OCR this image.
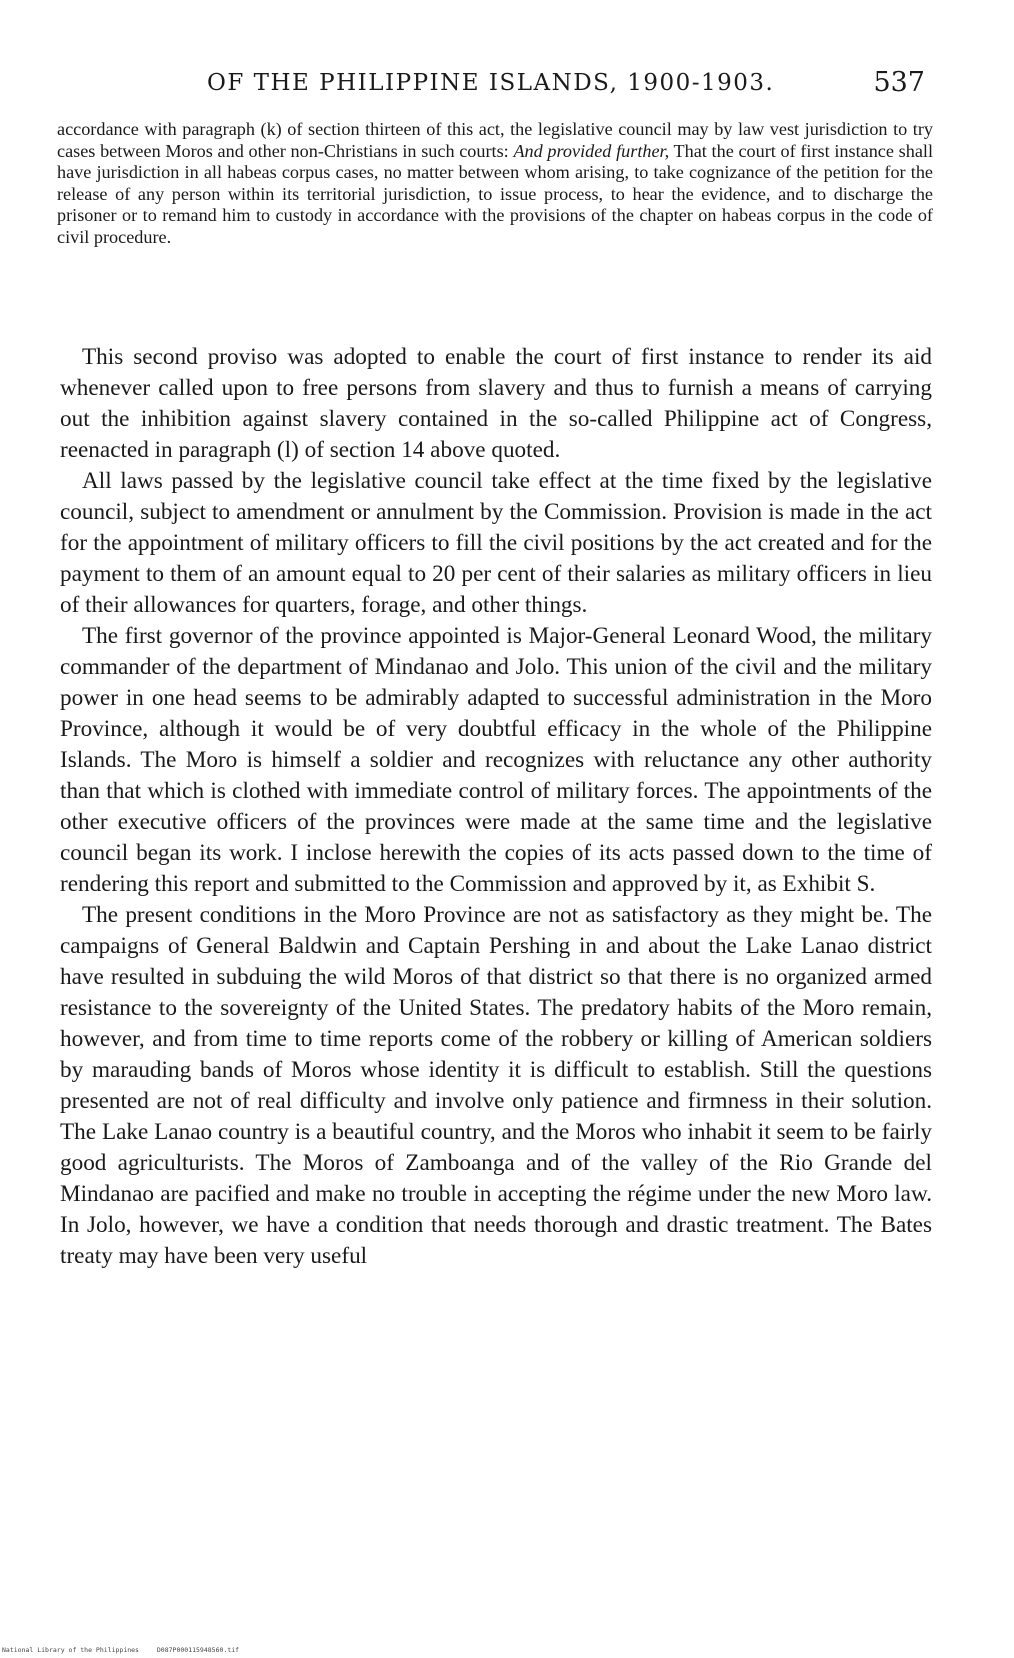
OF THE PHILIPPINE ISLANDS, 1900-1903.	537

accordance with paragraph (k) of section thirteen of this act, the legislative council may by law vest jurisdiction to try cases between Moros and other non-Christians in such courts: And provided further, That the court of first instance shall have jurisdiction in all habeas corpus cases, no matter between whom arising, to take cognizance of the petition for the release of any person within its territorial jurisdiction, to issue process, to hear the evidence, and to discharge the prisoner or to remand him to custody in accordance with the provisions of the chapter on habeas corpus in the code of civil procedure.

This second proviso was adopted to enable the court of first instance to render its aid whenever called upon to free persons from slavery and thus to furnish a means of carrying out the inhibition against slavery contained in the so-called Philippine act of Congress, reenacted in paragraph (l) of section 14 above quoted.

All laws passed by the legislative council take effect at the time fixed by the legislative council, subject to amendment or annulment by the Commission. Provision is made in the act for the appointment of military officers to fill the civil positions by the act created and for the payment to them of an amount equal to 20 per cent of their salaries as military officers in lieu of their allowances for quarters, forage, and other things.

The first governor of the province appointed is Major-General Leonard Wood, the military commander of the department of Mindanao and Jolo. This union of the civil and the military power in one head seems to be admirably adapted to successful administration in the Moro Province, although it would be of very doubtful efficacy in the whole of the Philippine Islands. The Moro is himself a soldier and recognizes with reluctance any other authority than that which is clothed with immediate control of military forces. The appointments of the other executive officers of the provinces were made at the same time and the legislative council began its work. I inclose herewith the copies of its acts passed down to the time of rendering this report and submitted to the Commission and approved by it, as Exhibit S.

The present conditions in the Moro Province are not as satisfactory as they might be. The campaigns of General Baldwin and Captain Pershing in and about the Lake Lanao district have resulted in subduing the wild Moros of that district so that there is no organized armed resistance to the sovereignty of the United States. The predatory habits of the Moro remain, however, and from time to time reports come of the robbery or killing of American soldiers by marauding bands of Moros whose identity it is difficult to establish. Still the questions presented are not of real difficulty and involve only patience and firmness in their solution. The Lake Lanao country is a beautiful country, and the Moros who inhabit it seem to be fairly good agriculturists. The Moros of Zamboanga and of the valley of the Rio Grande del Mindanao are pacified and make no trouble in accepting the régime under the new Moro law. In Jolo, however, we have a condition that needs thorough and drastic treatment. The Bates treaty may have been very useful

National Library of the Philippines	D087P000115948560.tif
